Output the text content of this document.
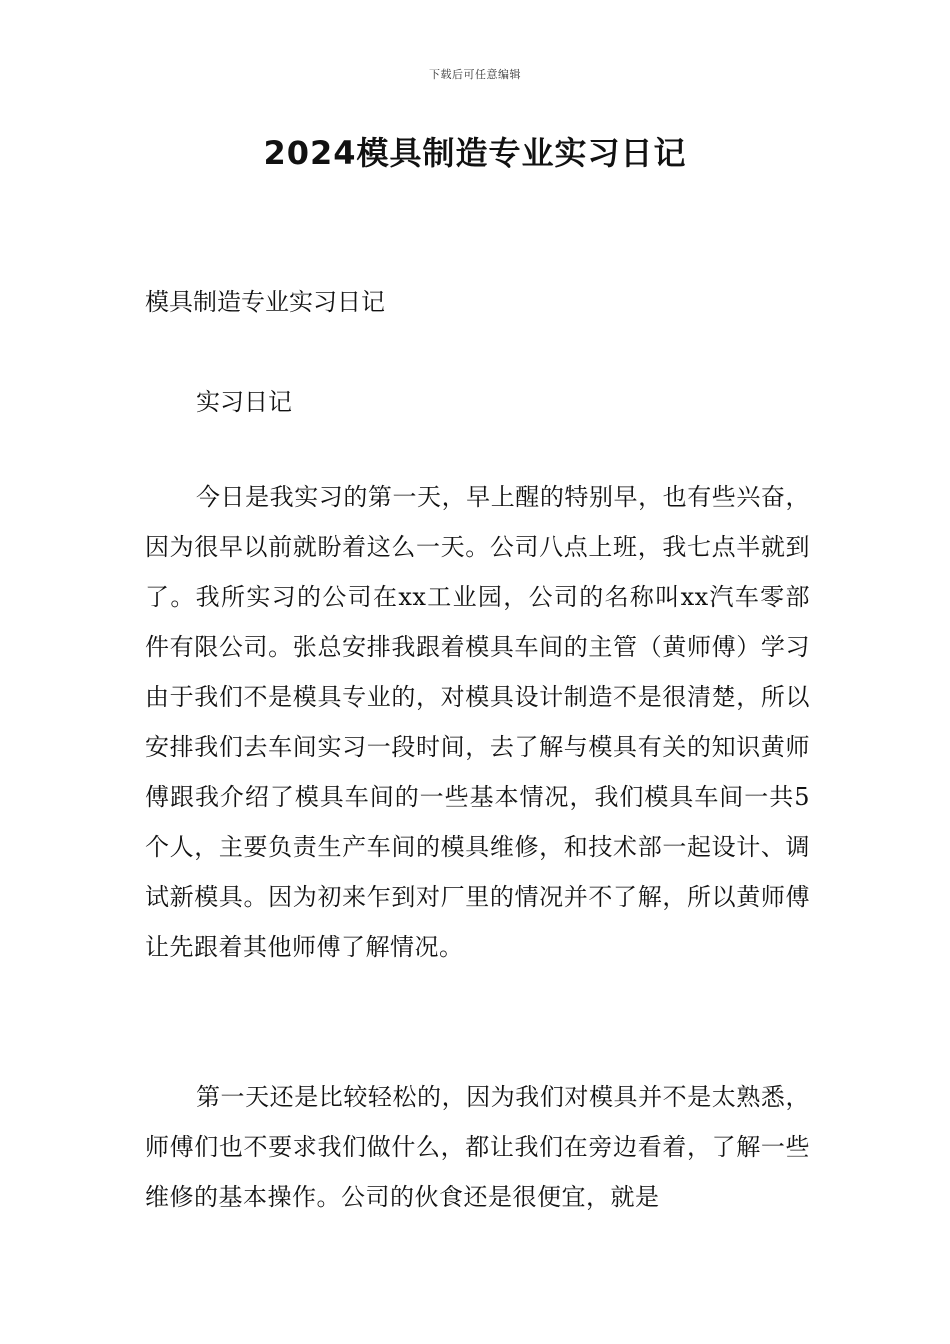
下载后可任意编辑
2024模具制造专业实习日记

模具制造专业实习日记

实习日记

今日是我实习的第一天，早上醒的特别早，也有些兴奋，因为很早以前就盼着这么一天。公司八点上班，我七点半就到了。我所实习的公司在xx工业园，公司的名称叫xx汽车零部件有限公司。张总安排我跟着模具车间的主管（黄师傅）学习由于我们不是模具专业的，对模具设计制造不是很清楚，所以安排我们去车间实习一段时间，去了解与模具有关的知识黄师傅跟我介绍了模具车间的一些基本情况，我们模具车间一共5个人，主要负责生产车间的模具维修，和技术部一起设计、调试新模具。因为初来乍到对厂里的情况并不了解，所以黄师傅让先跟着其他师傅了解情况。

第一天还是比较轻松的，因为我们对模具并不是太熟悉，师傅们也不要求我们做什么，都让我们在旁边看着，了解一些维修的基本操作。公司的伙食还是很便宜，就是
